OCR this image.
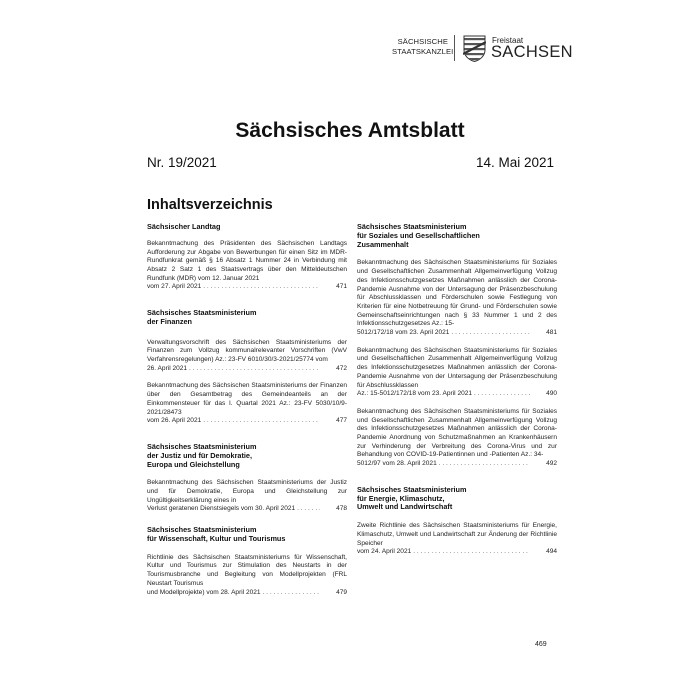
SÄCHSISCHE
STAATSKANZLEI
Freistaat
SACHSEN
Sächsisches Amtsblatt
Nr. 19/2021	14. Mai 2021
Inhaltsverzeichnis
Sächsischer Landtag
Bekanntmachung des Präsidenten des Sächsischen Landtags Aufforderung zur Abgabe von Bewerbungen für einen Sitz im MDR-Rundfunkrat gemäß § 16 Absatz 1 Nummer 24 in Verbindung mit Absatz 2 Satz 1 des Staatsvertrags über den Mitteldeutschen Rundfunk (MDR) vom 12. Januar 2021
vom 27. April 2021 . . .	471
Sächsisches Staatsministerium
der Finanzen
Verwaltungsvorschrift des Sächsischen Staatsministeriums der Finanzen zum Vollzug kommunalrelevanter Vorschriften (VwV Verfahrensregelungen) Az.: 23-FV 6010/30/3-2021/25774 vom
26. April 2021 . . .	472
Bekanntmachung des Sächsischen Staatsministeriums der Finanzen über den Gesamtbetrag des Gemeindeanteils an der Einkommensteuer für das I. Quartal 2021 Az.: 23-FV 5030/10/9-2021/28473
vom 26. April 2021 . . .	477
Sächsisches Staatsministerium
der Justiz und für Demokratie,
Europa und Gleichstellung
Bekanntmachung des Sächsischen Staatsministeriums der Justiz und für Demokratie, Europa und Gleichstellung zur Ungültigkeitserklärung eines in
Verlust geratenen Dienstsiegels vom 30. April 2021 . . .	478
Sächsisches Staatsministerium
für Wissenschaft, Kultur und Tourismus
Richtlinie des Sächsischen Staatsministeriums für Wissenschaft, Kultur und Tourismus zur Stimulation des Neustarts in der Tourismusbranche und Begleitung von Modellprojekten (FRL Neustart Tourismus
und Modellprojekte) vom 28. April 2021 . . .	479
Sächsisches Staatsministerium
für Soziales und Gesellschaftlichen
Zusammenhalt
Bekanntmachung des Sächsischen Staatsministeriums für Soziales und Gesellschaftlichen Zusammenhalt Allgemeinverfügung Vollzug des Infektionsschutzgesetzes Maßnahmen anlässlich der Corona-Pandemie Ausnahme von der Untersagung der Präsenzbeschulung für Abschlussklassen und Förderschulen sowie Festlegung von Kriterien für eine Notbetreuung für Grund- und Förderschulen sowie Gemeinschaftseinrichtungen nach § 33 Nummer 1 und 2 des Infektionsschutzgesetzes Az.: 15-
5012/172/18 vom 23. April 2021 . . .	481
Bekanntmachung des Sächsischen Staatsministeriums für Soziales und Gesellschaftlichen Zusammenhalt Allgemeinverfügung Vollzug des Infektionsschutzgesetzes Maßnahmen anlässlich der Corona-Pandemie Ausnahme von der Untersagung der Präsenzbeschulung für Abschlussklassen
Az.: 15-5012/172/18 vom 23. April 2021 . . .	490
Bekanntmachung des Sächsischen Staatsministeriums für Soziales und Gesellschaftlichen Zusammenhalt Allgemeinverfügung Vollzug des Infektionsschutzgesetzes Maßnahmen anlässlich der Corona-Pandemie Anordnung von Schutzmaßnahmen an Krankenhäusern zur Verhinderung der Verbreitung des Corona-Virus und zur Behandlung von COVID-19-Patientinnen und -Patienten Az.: 34-
5012/97 vom 28. April 2021 . . .	492
Sächsisches Staatsministerium
für Energie, Klimaschutz,
Umwelt und Landwirtschaft
Zweite Richtlinie des Sächsischen Staatsministeriums für Energie, Klimaschutz, Umwelt und Landwirtschaft zur Änderung der Richtlinie Speicher
vom 24. April 2021 . . .	494
469
